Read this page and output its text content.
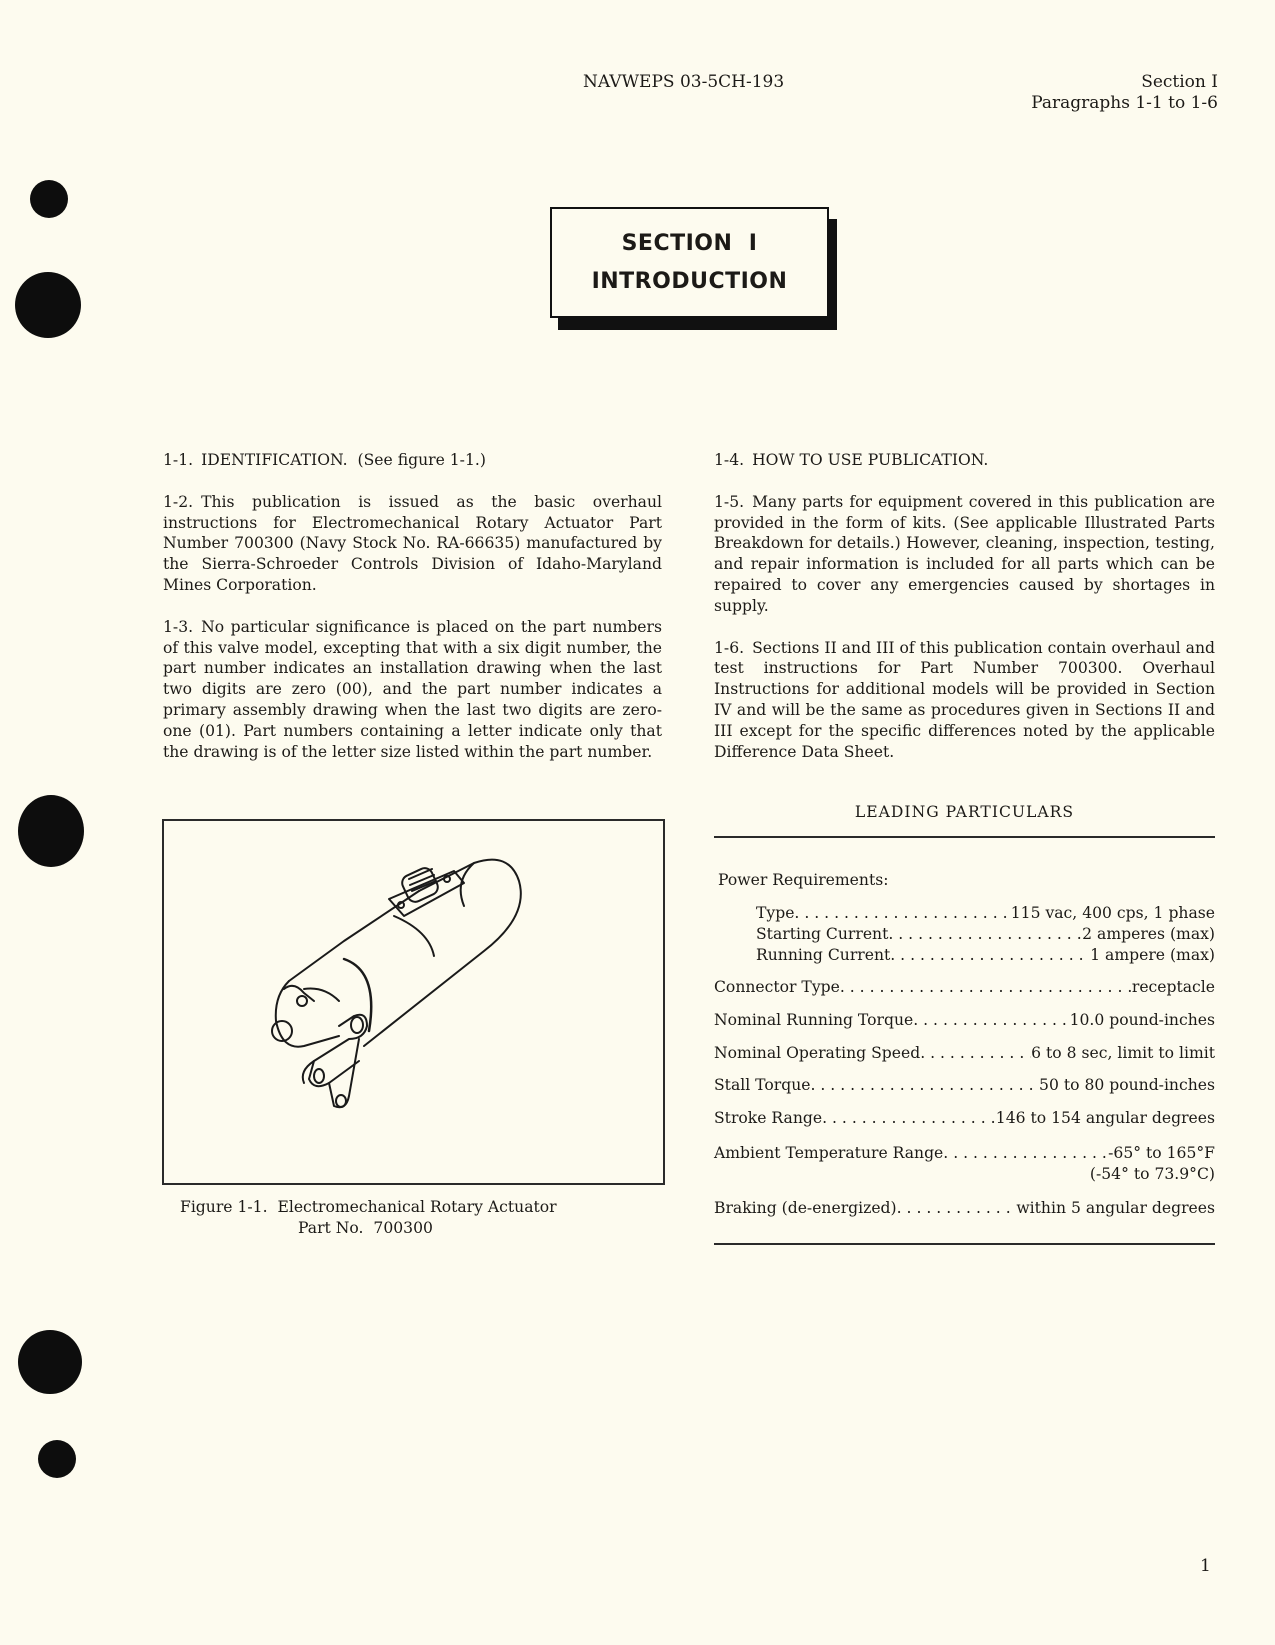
NAVWEPS 03-5CH-193	Section I
Paragraphs 1-1 to 1-6
SECTION  I
INTRODUCTION

1-1. IDENTIFICATION.  (See figure 1-1.)

1-2. This publication is issued as the basic overhaul instructions for Electromechanical Rotary Actuator Part Number 700300 (Navy Stock No. RA-66635) manufactured by the Sierra-Schroeder Controls Division of Idaho-Maryland Mines Corporation.

1-3. No particular significance is placed on the part numbers of this valve model, excepting that with a six digit number, the part number indicates an installation drawing when the last two digits are zero (00), and the part number indicates a primary assembly drawing when the last two digits are zero-one (01). Part numbers containing a letter indicate only that the drawing is of the letter size listed within the part number.

Figure 1-1.  Electromechanical Rotary Actuator
Part No.  700300

1-4. HOW TO USE PUBLICATION.

1-5. Many parts for equipment covered in this publication are provided in the form of kits. (See applicable Illustrated Parts Breakdown for details.) However, cleaning, inspection, testing, and repair information is included for all parts which can be repaired to cover any emergencies caused by shortages in supply.

1-6. Sections II and III of this publication contain overhaul and test instructions for Part Number 700300. Overhaul Instructions for additional models will be provided in Section IV and will be the same as procedures given in Sections II and III except for the specific differences noted by the applicable Difference Data Sheet.

LEADING PARTICULARS
Power Requirements:
Type . . .	115 vac, 400 cps, 1 phase
Starting Current . . .	2 amperes (max)
Running Current . . .	1 ampere (max)
Connector Type . . .	receptacle
Nominal Running Torque . . .	10.0 pound-inches
Nominal Operating Speed . . .	6 to 8 sec, limit to limit
Stall Torque . . .	50 to 80 pound-inches
Stroke Range . . .	146 to 154 angular degrees
Ambient Temperature Range . . .	-65° to 165°F
(-54° to 73.9°C)
Braking (de-energized) . . .	within 5 angular degrees
1
